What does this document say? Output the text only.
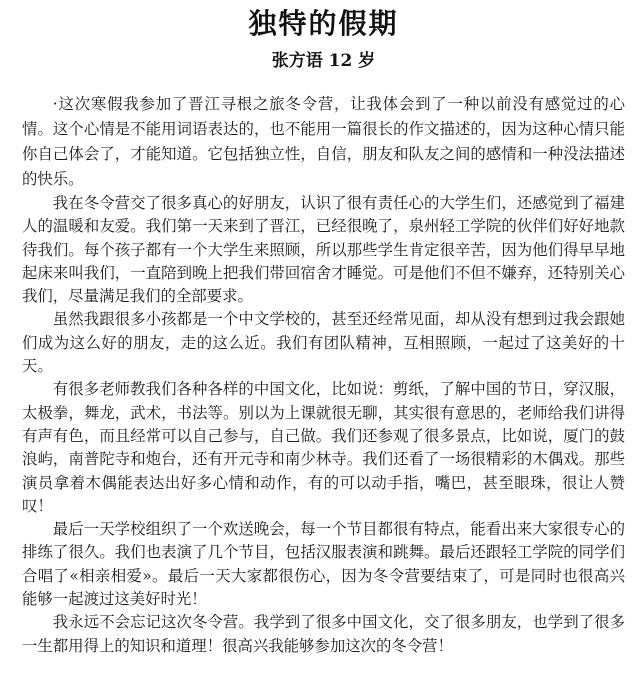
独特的假期
张方语 12 岁

·这次寒假我参加了晋江寻根之旅冬令营，让我体会到了一种以前没有感觉过的心情。这个心情是不能用词语表达的，也不能用一篇很长的作文描述的，因为这种心情只能你自己体会了，才能知道。它包括独立性，自信，朋友和队友之间的感情和一种没法描述的快乐。

我在冬令营交了很多真心的好朋友，认识了很有责任心的大学生们，还感觉到了福建人的温暖和友爱。我们第一天来到了晋江，已经很晚了，泉州轻工学院的伙伴们好好地款待我们。每个孩子都有一个大学生来照顾，所以那些学生肯定很辛苦，因为他们得早早地起床来叫我们，一直陪到晚上把我们带回宿舍才睡觉。可是他们不但不嫌弃，还特别关心我们，尽量满足我们的全部要求。

虽然我跟很多小孩都是一个中文学校的，甚至还经常见面，却从没有想到过我会跟她们成为这么好的朋友，走的这么近。我们有团队精神，互相照顾，一起过了这美好的十天。

有很多老师教我们各种各样的中国文化，比如说：剪纸，了解中国的节日，穿汉服，太极拳，舞龙，武术，书法等。别以为上课就很无聊，其实很有意思的，老师给我们讲得有声有色，而且经常可以自己参与，自己做。我们还参观了很多景点，比如说，厦门的鼓浪屿，南普陀寺和炮台，还有开元寺和南少林寺。我们还看了一场很精彩的木偶戏。那些演员拿着木偶能表达出好多心情和动作，有的可以动手指，嘴巴，甚至眼珠，很让人赞叹！

最后一天学校组织了一个欢送晚会，每一个节目都很有特点，能看出来大家很专心的排练了很久。我们也表演了几个节目，包括汉服表演和跳舞。最后还跟轻工学院的同学们合唱了«相亲相爱»。最后一天大家都很伤心，因为冬令营要结束了，可是同时也很高兴能够一起渡过这美好时光！

我永远不会忘记这次冬令营。我学到了很多中国文化，交了很多朋友，也学到了很多一生都用得上的知识和道理！很高兴我能够参加这次的冬令营！
